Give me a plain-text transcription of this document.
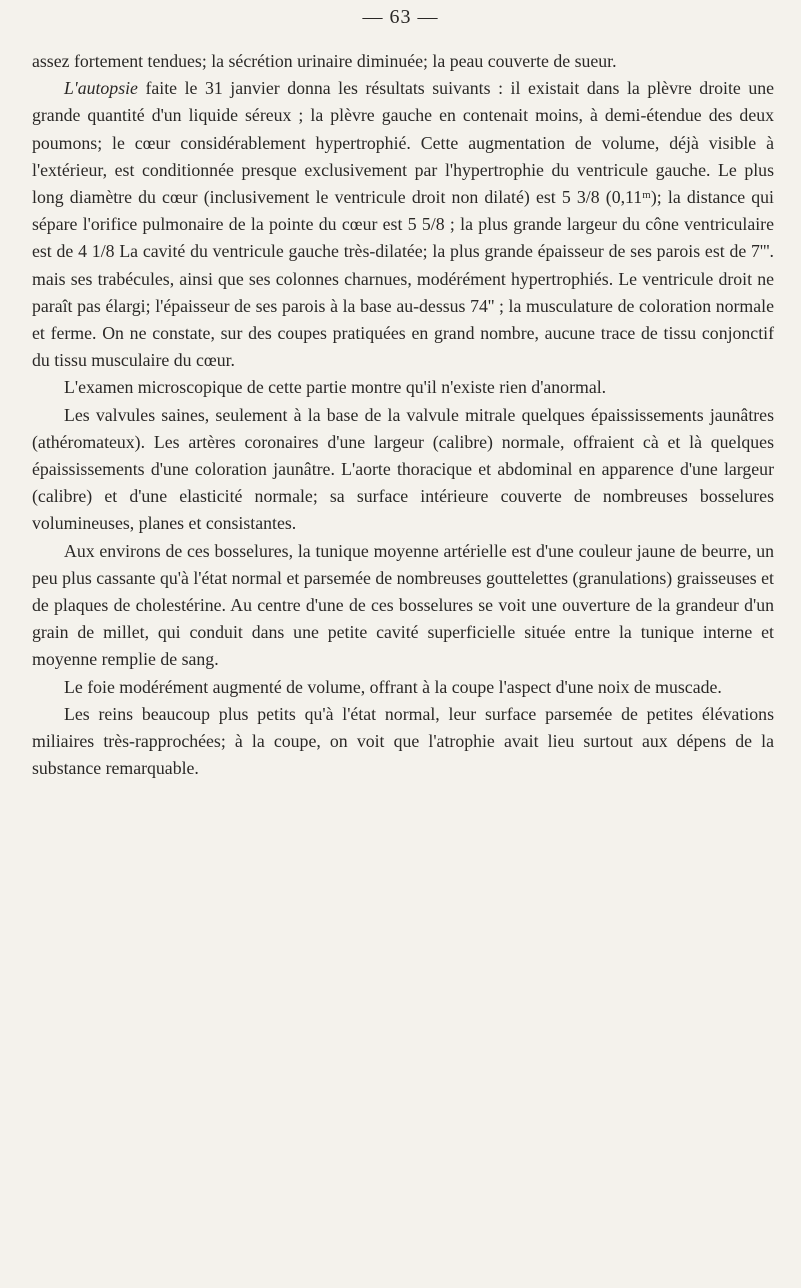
— 63 —

assez fortement tendues; la sécrétion urinaire diminuée; la peau couverte de sueur.

L'autopsie faite le 31 janvier donna les résultats suivants : il existait dans la plèvre droite une grande quantité d'un liquide séreux ; la plèvre gauche en contenait moins, à demi-étendue des deux poumons; le cœur considérablement hypertrophié. Cette augmentation de volume, déjà visible à l'extérieur, est conditionnée presque exclusivement par l'hypertrophie du ventricule gauche. Le plus long diamètre du cœur (inclusivement le ventricule droit non dilaté) est 5 3/8 (0,11ᵐ); la distance qui sépare l'orifice pulmonaire de la pointe du cœur est 5 5/8 ; la plus grande largeur du cône ventriculaire est de 4 1/8 La cavité du ventricule gauche très-dilatée; la plus grande épaisseur de ses parois est de 7'''. mais ses trabécules, ainsi que ses colonnes charnues, modérément hypertrophiés. Le ventricule droit ne paraît pas élargi; l'épaisseur de ses parois à la base au-dessus 74'' ; la musculature de coloration normale et ferme. On ne constate, sur des coupes pratiquées en grand nombre, aucune trace de tissu conjonctif du tissu musculaire du cœur.

L'examen microscopique de cette partie montre qu'il n'existe rien d'anormal.

Les valvules saines, seulement à la base de la valvule mitrale quelques épaississements jaunâtres (athéromateux). Les artères coronaires d'une largeur (calibre) normale, offraient cà et là quelques épaississements d'une coloration jaunâtre. L'aorte thoracique et abdominal en apparence d'une largeur (calibre) et d'une elasticité normale; sa surface intérieure couverte de nombreuses bosselures volumineuses, planes et consistantes.

Aux environs de ces bosselures, la tunique moyenne artérielle est d'une couleur jaune de beurre, un peu plus cassante qu'à l'état normal et parsemée de nombreuses gouttelettes (granulations) graisseuses et de plaques de cholestérine. Au centre d'une de ces bosselures se voit une ouverture de la grandeur d'un grain de millet, qui conduit dans une petite cavité superficielle située entre la tunique interne et moyenne remplie de sang.

Le foie modérément augmenté de volume, offrant à la coupe l'aspect d'une noix de muscade.

Les reins beaucoup plus petits qu'à l'état normal, leur surface parsemée de petites élévations miliaires très-rapprochées; à la coupe, on voit que l'atrophie avait lieu surtout aux dépens de la substance remarquable.
